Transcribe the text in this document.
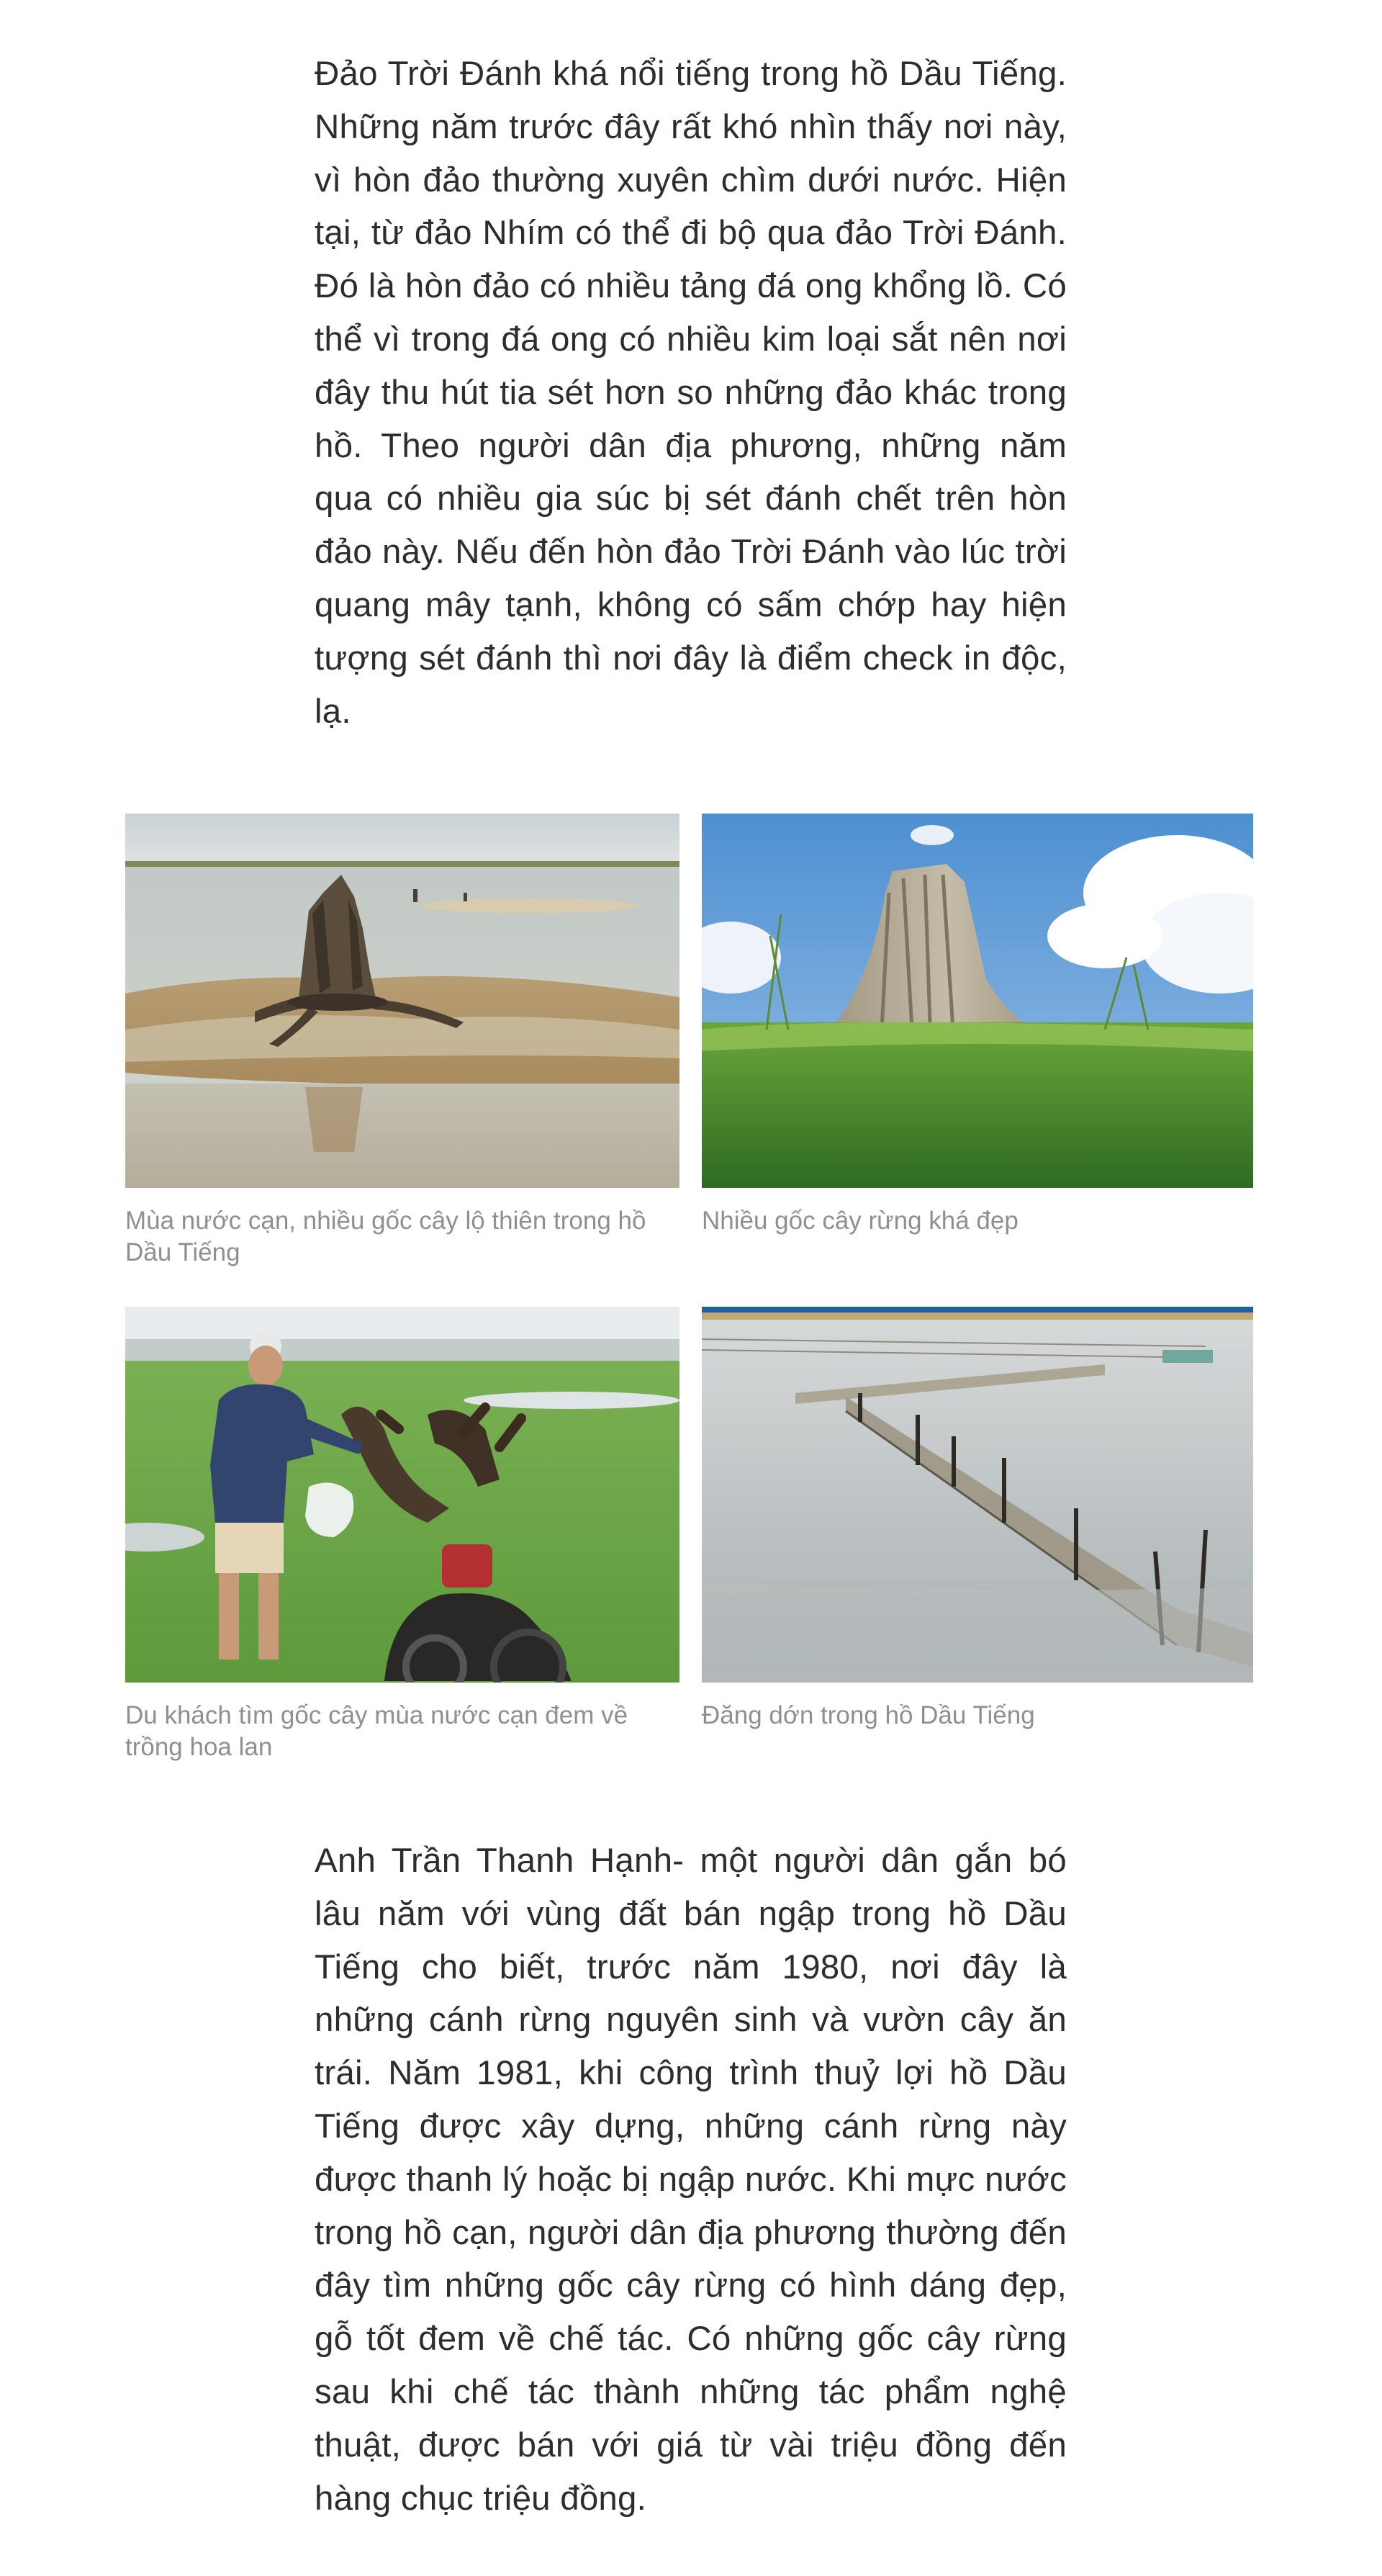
Đảo Trời Đánh khá nổi tiếng trong hồ Dầu Tiếng. Những năm trước đây rất khó nhìn thấy nơi này, vì hòn đảo thường xuyên chìm dưới nước. Hiện tại, từ đảo Nhím có thể đi bộ qua đảo Trời Đánh. Đó là hòn đảo có nhiều tảng đá ong khổng lồ. Có thể vì trong đá ong có nhiều kim loại sắt nên nơi đây thu hút tia sét hơn so những đảo khác trong hồ. Theo người dân địa phương, những năm qua có nhiều gia súc bị sét đánh chết trên hòn đảo này. Nếu đến hòn đảo Trời Đánh vào lúc trời quang mây tạnh, không có sấm chớp hay hiện tượng sét đánh thì nơi đây là điểm check in độc, lạ.

Mùa nước cạn, nhiều gốc cây lộ thiên trong hồ Dầu Tiếng

Nhiều gốc cây rừng khá đẹp

Du khách tìm gốc cây mùa nước cạn đem về trồng hoa lan

Đăng dớn trong hồ Dầu Tiếng

Anh Trần Thanh Hạnh- một người dân gắn bó lâu năm với vùng đất bán ngập trong hồ Dầu Tiếng cho biết, trước năm 1980, nơi đây là những cánh rừng nguyên sinh và vườn cây ăn trái. Năm 1981, khi công trình thuỷ lợi hồ Dầu Tiếng được xây dựng, những cánh rừng này được thanh lý hoặc bị ngập nước. Khi mực nước trong hồ cạn, người dân địa phương thường đến đây tìm những gốc cây rừng có hình dáng đẹp, gỗ tốt đem về chế tác. Có những gốc cây rừng sau khi chế tác thành những tác phẩm nghệ thuật, được bán với giá từ vài triệu đồng đến hàng chục triệu đồng.
